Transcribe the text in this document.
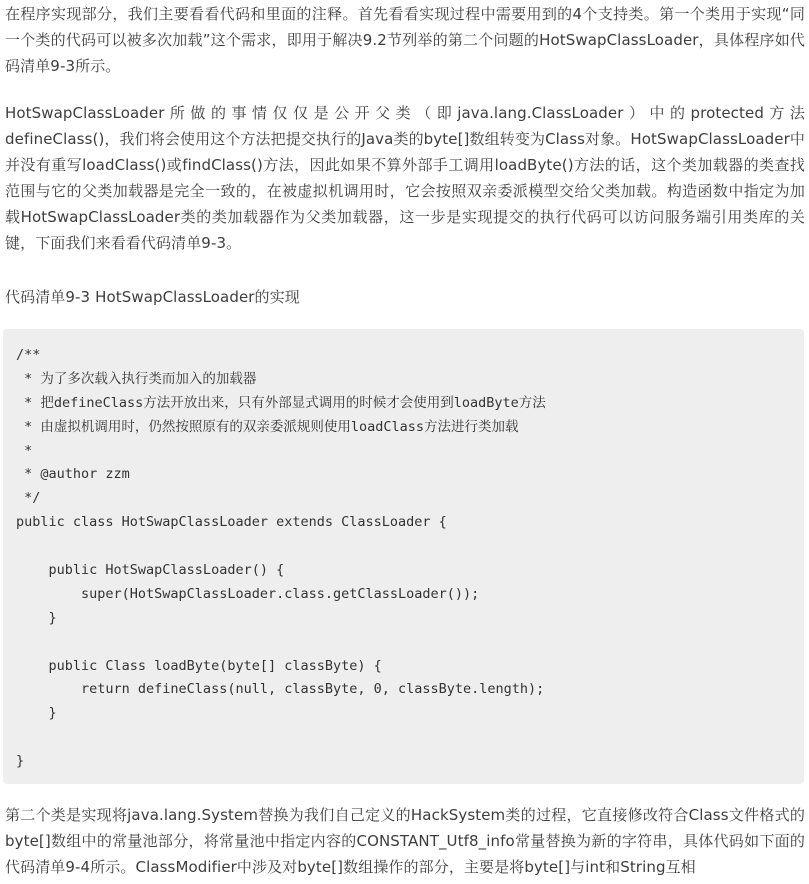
在程序实现部分，我们主要看看代码和里面的注释。首先看看实现过程中需要用到的4个支持类。第一个类用于实现“同一个类的代码可以被多次加载”这个需求，即用于解决9.2节列举的第二个问题的HotSwapClassLoader，具体程序如代码清单9-3所示。

HotSwapClassLoader所做的事情仅仅是公开父类（即java.lang.ClassLoader）中的protected方法defineClass()，我们将会使用这个方法把提交执行的Java类的byte[]数组转变为Class对象。HotSwapClassLoader中并没有重写loadClass()或findClass()方法，因此如果不算外部手工调用loadByte()方法的话，这个类加载器的类查找范围与它的父类加载器是完全一致的，在被虚拟机调用时，它会按照双亲委派模型交给父类加载。构造函数中指定为加载HotSwapClassLoader类的类加载器作为父类加载器，这一步是实现提交的执行代码可以访问服务端引用类库的关键，下面我们来看看代码清单9-3。

代码清单9-3 HotSwapClassLoader的实现

/**
* 为了多次载入执行类而加入的加载器
* 把defineClass方法开放出来，只有外部显式调用的时候才会使用到loadByte方法
* 由虚拟机调用时，仍然按照原有的双亲委派规则使用loadClass方法进行类加载
*
* @author zzm
*/
public class HotSwapClassLoader extends ClassLoader {
public HotSwapClassLoader() {
super(HotSwapClassLoader.class.getClassLoader());
}
public Class loadByte(byte[] classByte) {
return defineClass(null, classByte, 0, classByte.length);
}
}

第二个类是实现将java.lang.System替换为我们自己定义的HackSystem类的过程，它直接修改符合Class文件格式的byte[]数组中的常量池部分，将常量池中指定内容的CONSTANT_Utf8_info常量替换为新的字符串，具体代码如下面的代码清单9-4所示。ClassModifier中涉及对byte[]数组操作的部分，主要是将byte[]与int和String互相
